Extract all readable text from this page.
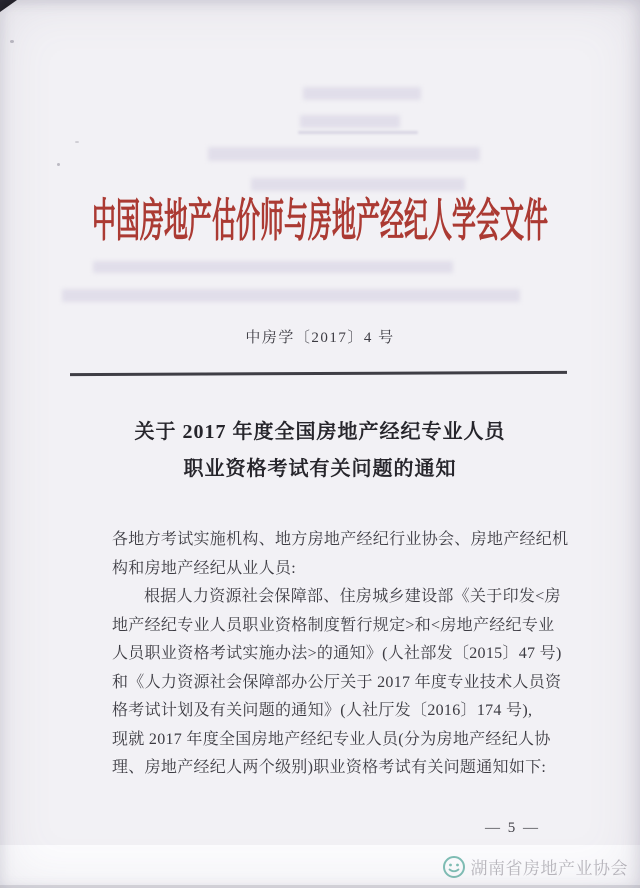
中国房地产估价师与房地产经纪人学会文件
中房学〔2017〕4 号
关于 2017 年度全国房地产经纪专业人员
职业资格考试有关问题的通知
各地方考试实施机构、地方房地产经纪行业协会、房地产经纪机
构和房地产经纪从业人员:
根据人力资源社会保障部、住房城乡建设部《关于印发<房
地产经纪专业人员职业资格制度暂行规定>和<房地产经纪专业
人员职业资格考试实施办法>的通知》(人社部发〔2015〕47 号)
和《人力资源社会保障部办公厅关于 2017 年度专业技术人员资
格考试计划及有关问题的通知》(人社厅发〔2016〕174 号),
现就 2017 年度全国房地产经纪专业人员(分为房地产经纪人协
理、房地产经纪人两个级别)职业资格考试有关问题通知如下:
— 5 —
湖南省房地产业协会
